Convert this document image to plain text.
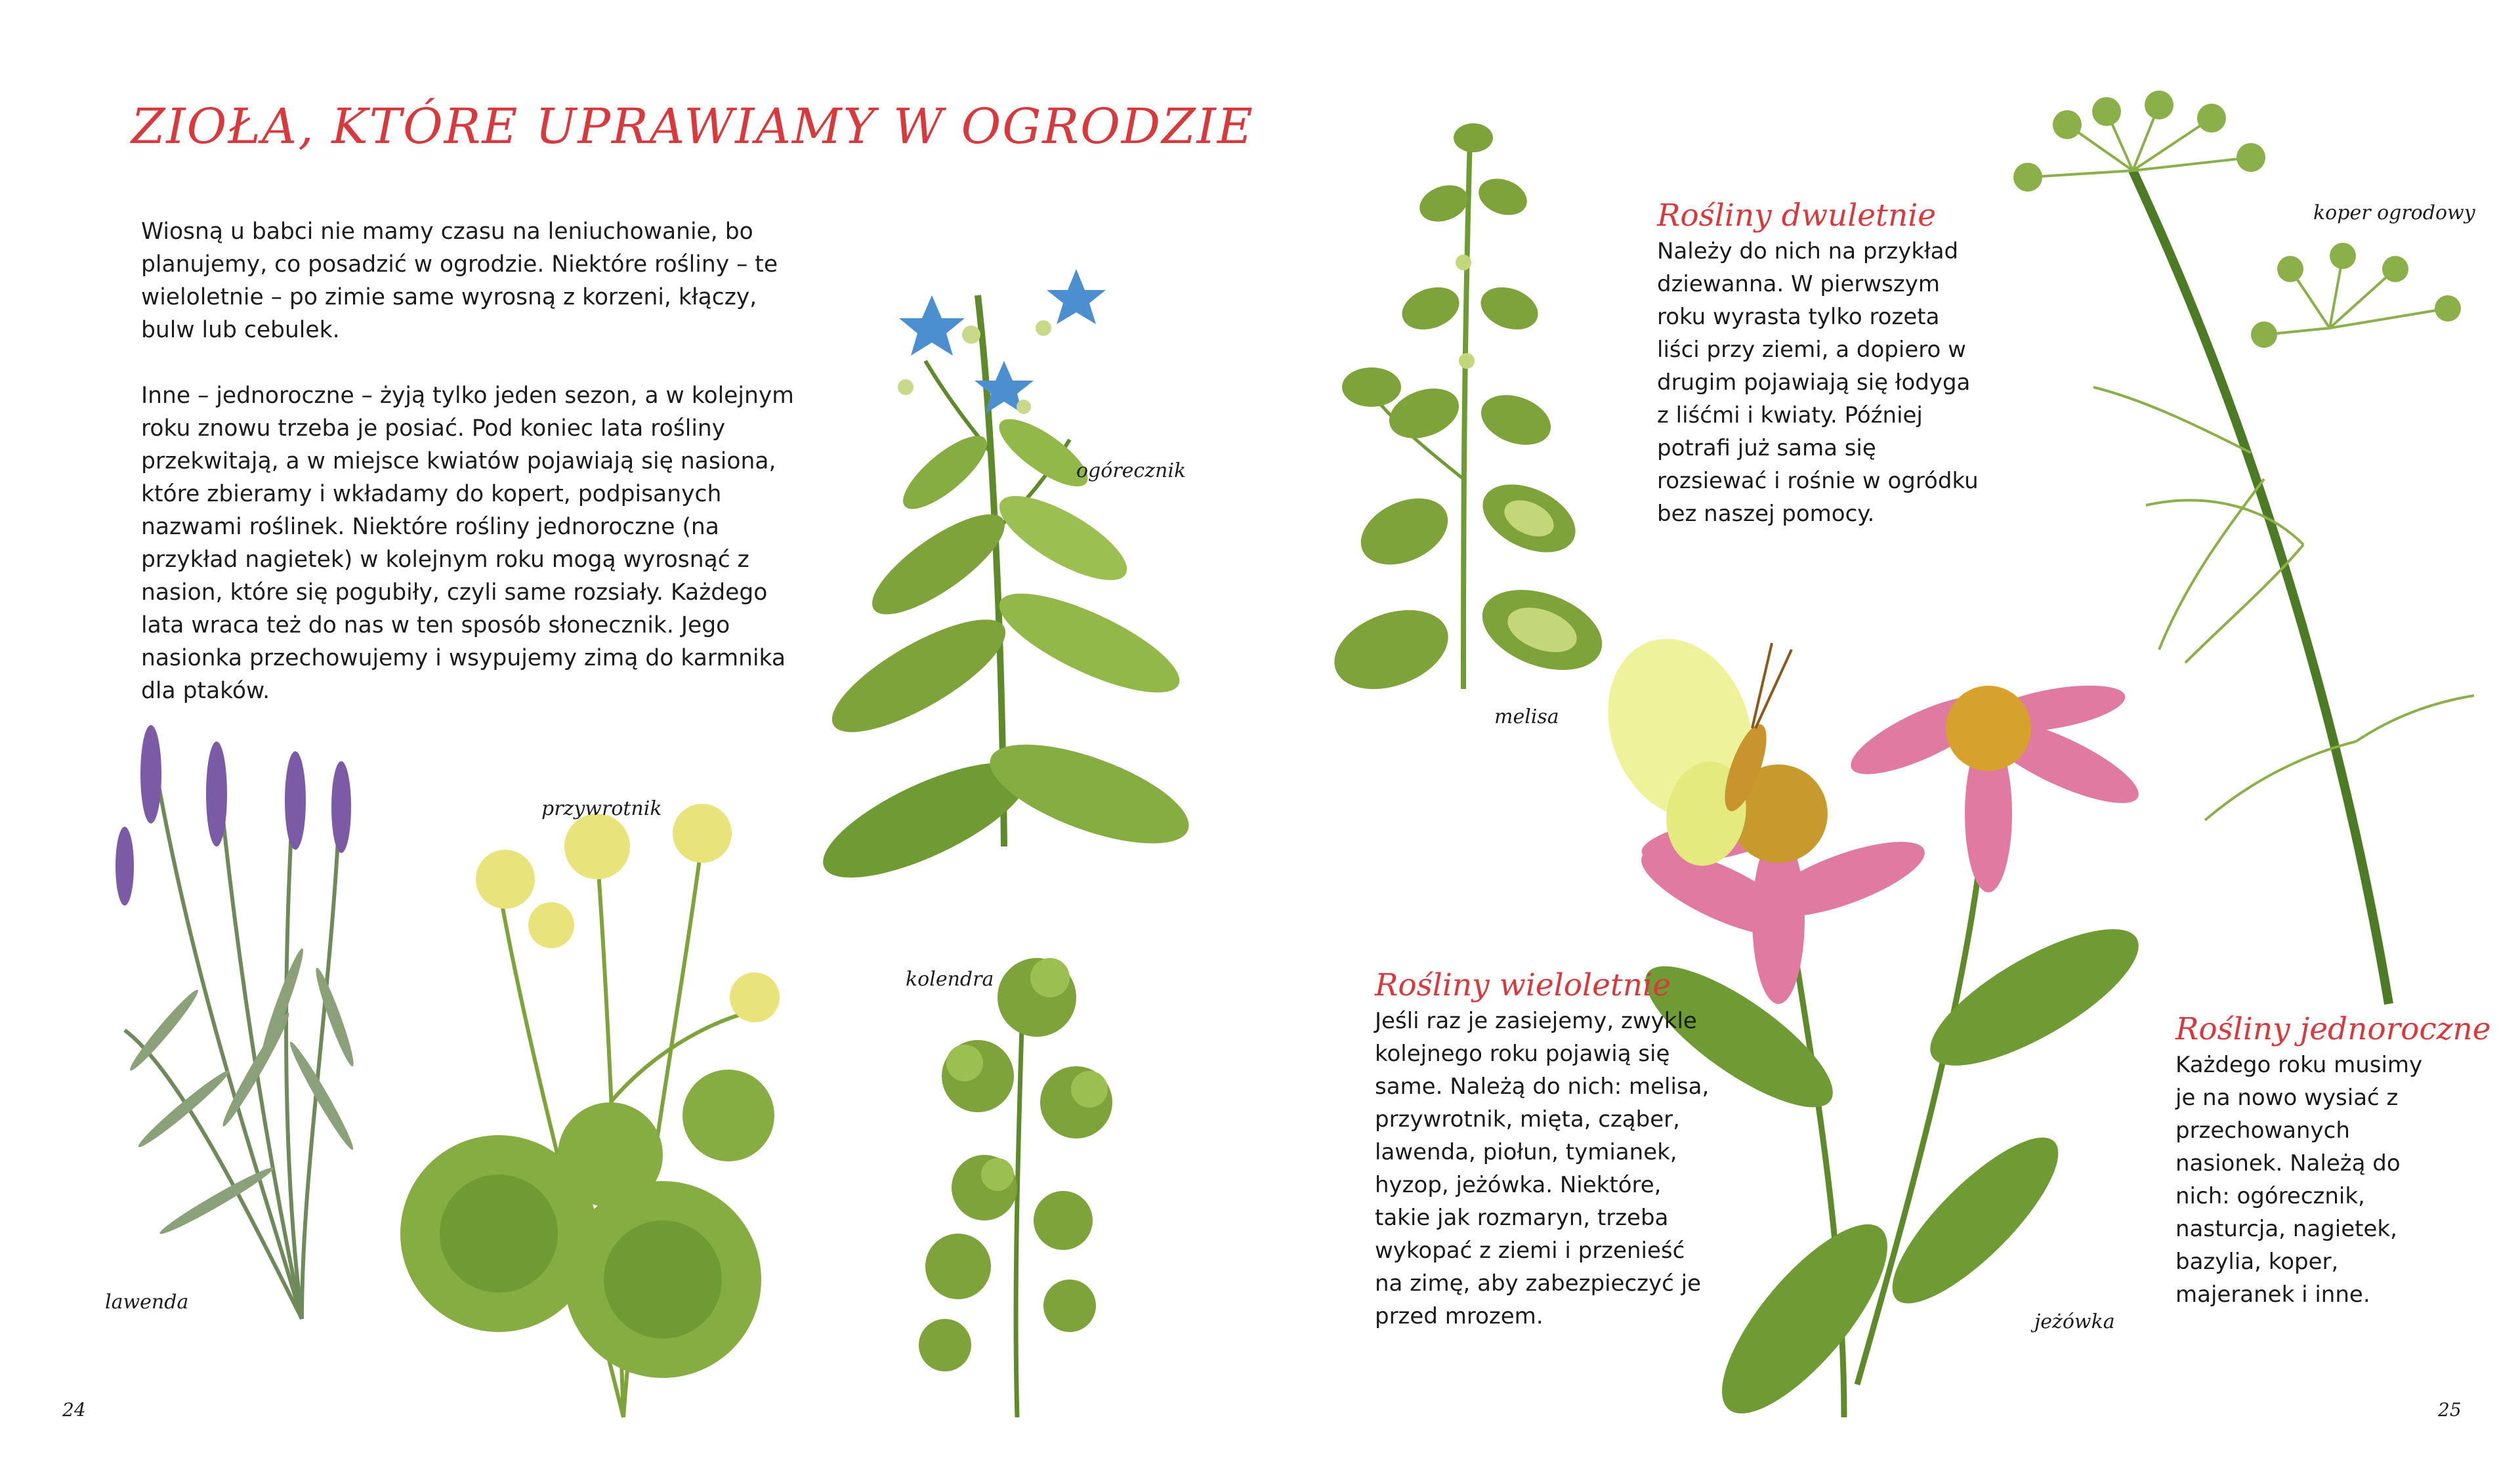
ZIOŁA, KTÓRE UPRAWIAMY W OGRODZIE

Wiosną u babci nie mamy czasu na leniuchowanie, bo planujemy, co posadzić w ogrodzie. Niektóre rośliny – te wieloletnie – po zimie same wyrosną z korzeni, kłączy, bulw lub cebulek.

Inne – jednoroczne – żyją tylko jeden sezon, a w kolejnym roku znowu trzeba je posiać. Pod koniec lata rośliny przekwitają, a w miejsce kwiatów pojawiają się nasiona, które zbieramy i wkładamy do kopert, podpisanych nazwami roślinek. Niektóre rośliny jednoroczne (na przykład nagietek) w kolejnym roku mogą wyrosnąć z nasion, które się pogubiły, czyli same rozsiały. Każdego lata wraca też do nas w ten sposób słonecznik. Jego nasionka przechowujemy i wsypujemy zimą do karmnika dla ptaków.

ogórecznik
lawenda
przywrotnik
kolendra
24
melisa
Rośliny dwuletnie

Należy do nich na przykład dziewanna. W pierwszym roku wyrasta tylko rozeta liści przy ziemi, a dopiero w drugim pojawiają się łodyga z liśćmi i kwiaty. Później potrafi już sama się rozsiewać i rośnie w ogródku bez naszej pomocy.

koper ogrodowy
jeżówka
Rośliny wieloletnie

Jeśli raz je zasiejemy, zwykle kolejnego roku pojawią się same. Należą do nich: melisa, przywrotnik, mięta, cząber, lawenda, piołun, tymianek, hyzop, jeżówka. Niektóre, takie jak rozmaryn, trzeba wykopać z ziemi i przenieść na zimę, aby zabezpieczyć je przed mrozem.

Rośliny jednoroczne

Każdego roku musimy je na nowo wysiać z przechowanych nasionek. Należą do nich: ogórecznik, nasturcja, nagietek, bazylia, koper, majeranek i inne.

25
